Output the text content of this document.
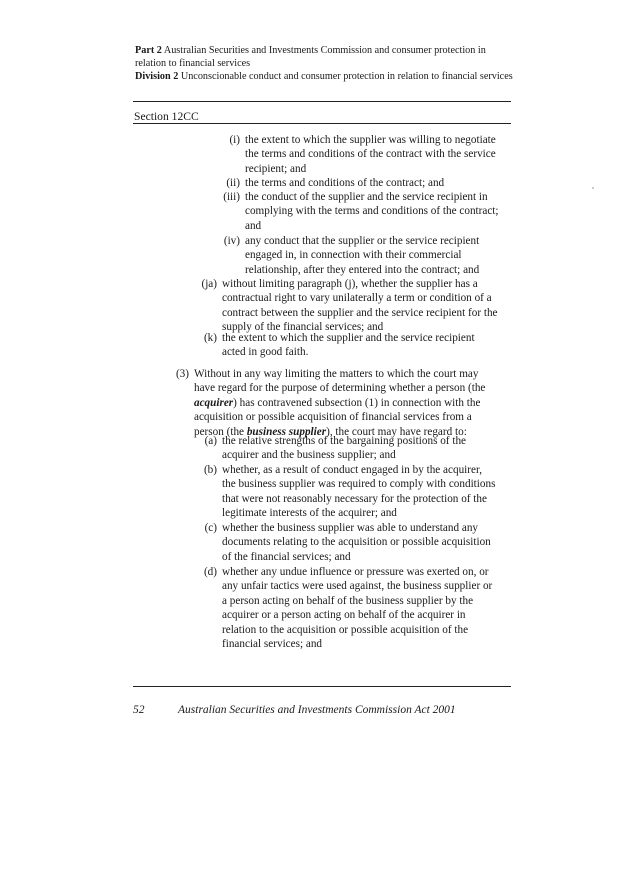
Part 2 Australian Securities and Investments Commission and consumer protection in relation to financial services
Division 2 Unconscionable conduct and consumer protection in relation to financial services
Section 12CC
(i) the extent to which the supplier was willing to negotiate
the terms and conditions of the contract with the service
recipient; and
(ii) the terms and conditions of the contract; and
(iii) the conduct of the supplier and the service recipient in
complying with the terms and conditions of the contract;
and
(iv) any conduct that the supplier or the service recipient
engaged in, in connection with their commercial
relationship, after they entered into the contract; and
(ja) without limiting paragraph (j), whether the supplier has a
contractual right to vary unilaterally a term or condition of a
contract between the supplier and the service recipient for the
supply of the financial services; and
(k) the extent to which the supplier and the service recipient
acted in good faith.
(3) Without in any way limiting the matters to which the court may
have regard for the purpose of determining whether a person (the
acquirer) has contravened subsection (1) in connection with the
acquisition or possible acquisition of financial services from a
person (the business supplier), the court may have regard to:
(a) the relative strengths of the bargaining positions of the
acquirer and the business supplier; and
(b) whether, as a result of conduct engaged in by the acquirer,
the business supplier was required to comply with conditions
that were not reasonably necessary for the protection of the
legitimate interests of the acquirer; and
(c) whether the business supplier was able to understand any
documents relating to the acquisition or possible acquisition
of the financial services; and
(d) whether any undue influence or pressure was exerted on, or
any unfair tactics were used against, the business supplier or
a person acting on behalf of the business supplier by the
acquirer or a person acting on behalf of the acquirer in
relation to the acquisition or possible acquisition of the
financial services; and
52	Australian Securities and Investments Commission Act 2001
